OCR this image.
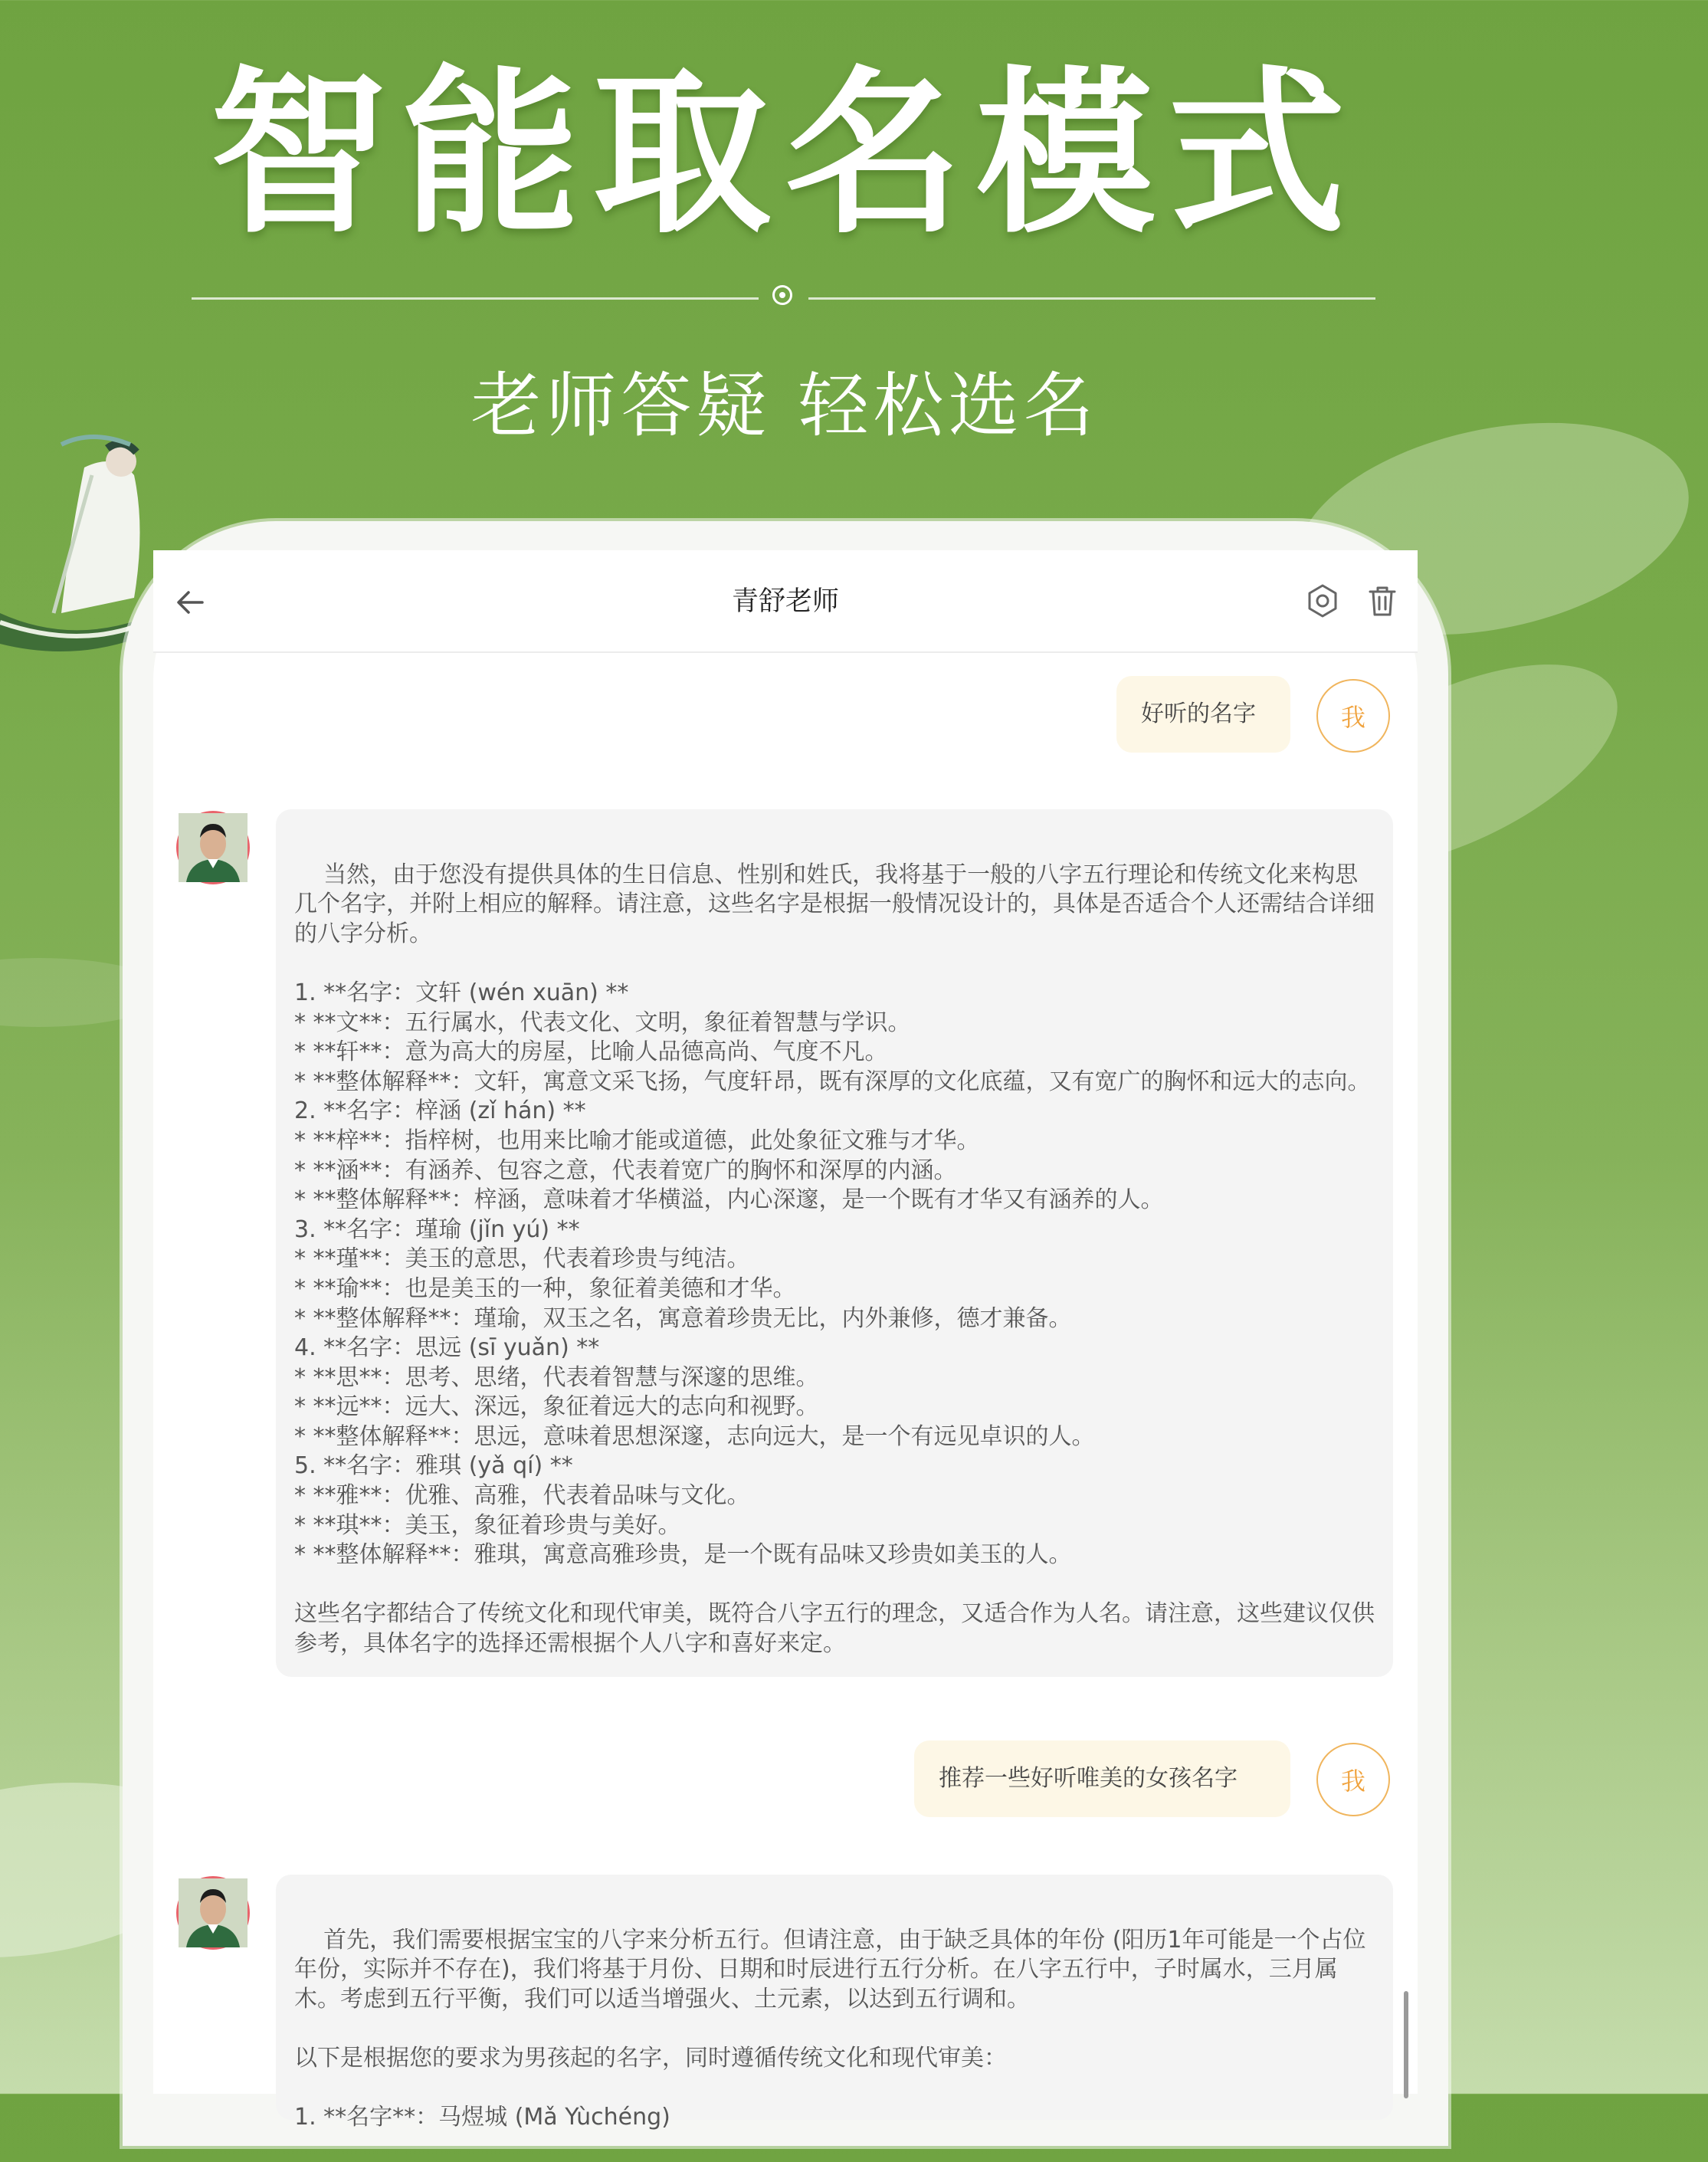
智能取名模式
老师答疑 轻松选名
青舒老师
好听的名字	我

当然，由于您没有提供具体的生日信息、性别和姓氏，我将基于一般的八字五行理论和传统文化来构思几个名字，并附上相应的解释。请注意，这些名字是根据一般情况设计的，具体是否适合个人还需结合详细的八字分析。

1. **名字：文轩 (wén xuān) **
* **文**：五行属水，代表文化、文明，象征着智慧与学识。
* **轩**：意为高大的房屋，比喻人品德高尚、气度不凡。
* **整体解释**：文轩，寓意文采飞扬，气度轩昂，既有深厚的文化底蕴，又有宽广的胸怀和远大的志向。
2. **名字：梓涵 (zǐ hán) **
* **梓**：指梓树，也用来比喻才能或道德，此处象征文雅与才华。
* **涵**：有涵养、包容之意，代表着宽广的胸怀和深厚的内涵。
* **整体解释**：梓涵，意味着才华横溢，内心深邃，是一个既有才华又有涵养的人。
3. **名字：瑾瑜 (jǐn yú) **
* **瑾**：美玉的意思，代表着珍贵与纯洁。
* **瑜**：也是美玉的一种，象征着美德和才华。
* **整体解释**：瑾瑜，双玉之名，寓意着珍贵无比，内外兼修，德才兼备。
4. **名字：思远 (sī yuǎn) **
* **思**：思考、思绪，代表着智慧与深邃的思维。
* **远**：远大、深远，象征着远大的志向和视野。
* **整体解释**：思远，意味着思想深邃，志向远大，是一个有远见卓识的人。
5. **名字：雅琪 (yǎ qí) **
* **雅**：优雅、高雅，代表着品味与文化。
* **琪**：美玉，象征着珍贵与美好。
* **整体解释**：雅琪，寓意高雅珍贵，是一个既有品味又珍贵如美玉的人。

这些名字都结合了传统文化和现代审美，既符合八字五行的理念，又适合作为人名。请注意，这些建议仅供参考，具体名字的选择还需根据个人八字和喜好来定。

推荐一些好听唯美的女孩名字	我

首先，我们需要根据宝宝的八字来分析五行。但请注意，由于缺乏具体的年份 (阳历1年可能是一个占位年份，实际并不存在)，我们将基于月份、日期和时辰进行五行分析。在八字五行中，子时属水，三月属木。考虑到五行平衡，我们可以适当增强火、土元素，以达到五行调和。

以下是根据您的要求为男孩起的名字，同时遵循传统文化和现代审美：

1. **名字**：马煜城 (Mǎ Yùchéng)
